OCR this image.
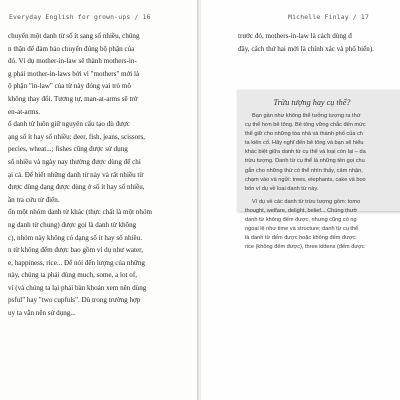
Everyday English for grown-ups / 16
chuyển một danh từ số ít sang số nhiều, chúng
n thận để đảm bảo chuyển đúng bộ phận của
đó. Ví dụ mother-in-law sẽ thành mothers-in-
g phải mother-in-laws bởi vì "mothers" mới là
ộ phận "in-law" của từ này đóng vai trò mô
không thay đổi. Tương tự, man-at-arms sẽ trở
en-at-arms.
ố danh từ luôn giữ nguyên cấu tạo dù được
ạng số ít hay số nhiều: deer, fish, jeans, scissors,
pecies, wheat...; fishes cũng được sử dụng
số nhiều và ngày nay thường được dùng để chỉ
ại cá. Để biết những danh từ này và rất nhiều từ
được dùng dạng được dùng ở số ít hay số nhiều,
ần tra cứu từ điển.
ổn một nhóm danh từ khác (thực chất là một nhóm
ng danh từ chung) được gọi là danh từ không
c), nhóm này không có dạng số ít hay số nhiều.
n từ không đếm được bao gồm ví dụ như water,
e, happiness, rice... Để nói đến lượng của những
này, chúng ta phải dùng much, some, a lot of,
ví (và chúng ta lại phải bàn khoản xem nên dùng
psful" hay "two cupfuls". Dù trong trường hợp
uy ta vẫn nên sử dụng...
Michelle Finlay / 17
trước đó, mothers-in-law là cách dùng đ
đây, cách thứ hai mới là chính xác và phổ biến).
Trừu tượng hay cụ thể?
Bạn gần như không thể tưởng tượng ra thứ
cụ thể hơn bê tông. Bê tông vững chắc đến mức
thể giữ cho những tòa nhà và thành phố của ch
ta kiên cố. Hãy nghĩ đến bê tông và bạn sẽ hiểu
khác biệt giữa danh từ cụ thể và loại còn lại – da
trừu tượng. Danh từ cụ thể là những tên gọi chu
gắn cho những thứ có thể nhìn thấy, cảm nhận,
chạm vào và ngửi: trees, elephants, cake và boo
bốn ví dụ về loại danh từ này.
Ví dụ về các danh từ trừu tượng gồm: tomo
thought, welfare, delight, belief... Chúng thườ
danh từ không đếm được, nhưng cũng có ng
ngoại lệ như time và structure; danh từ cụ thể
là danh từ đếm được hoặc không đếm được:
rice (không đếm được), three kittens (đếm được
